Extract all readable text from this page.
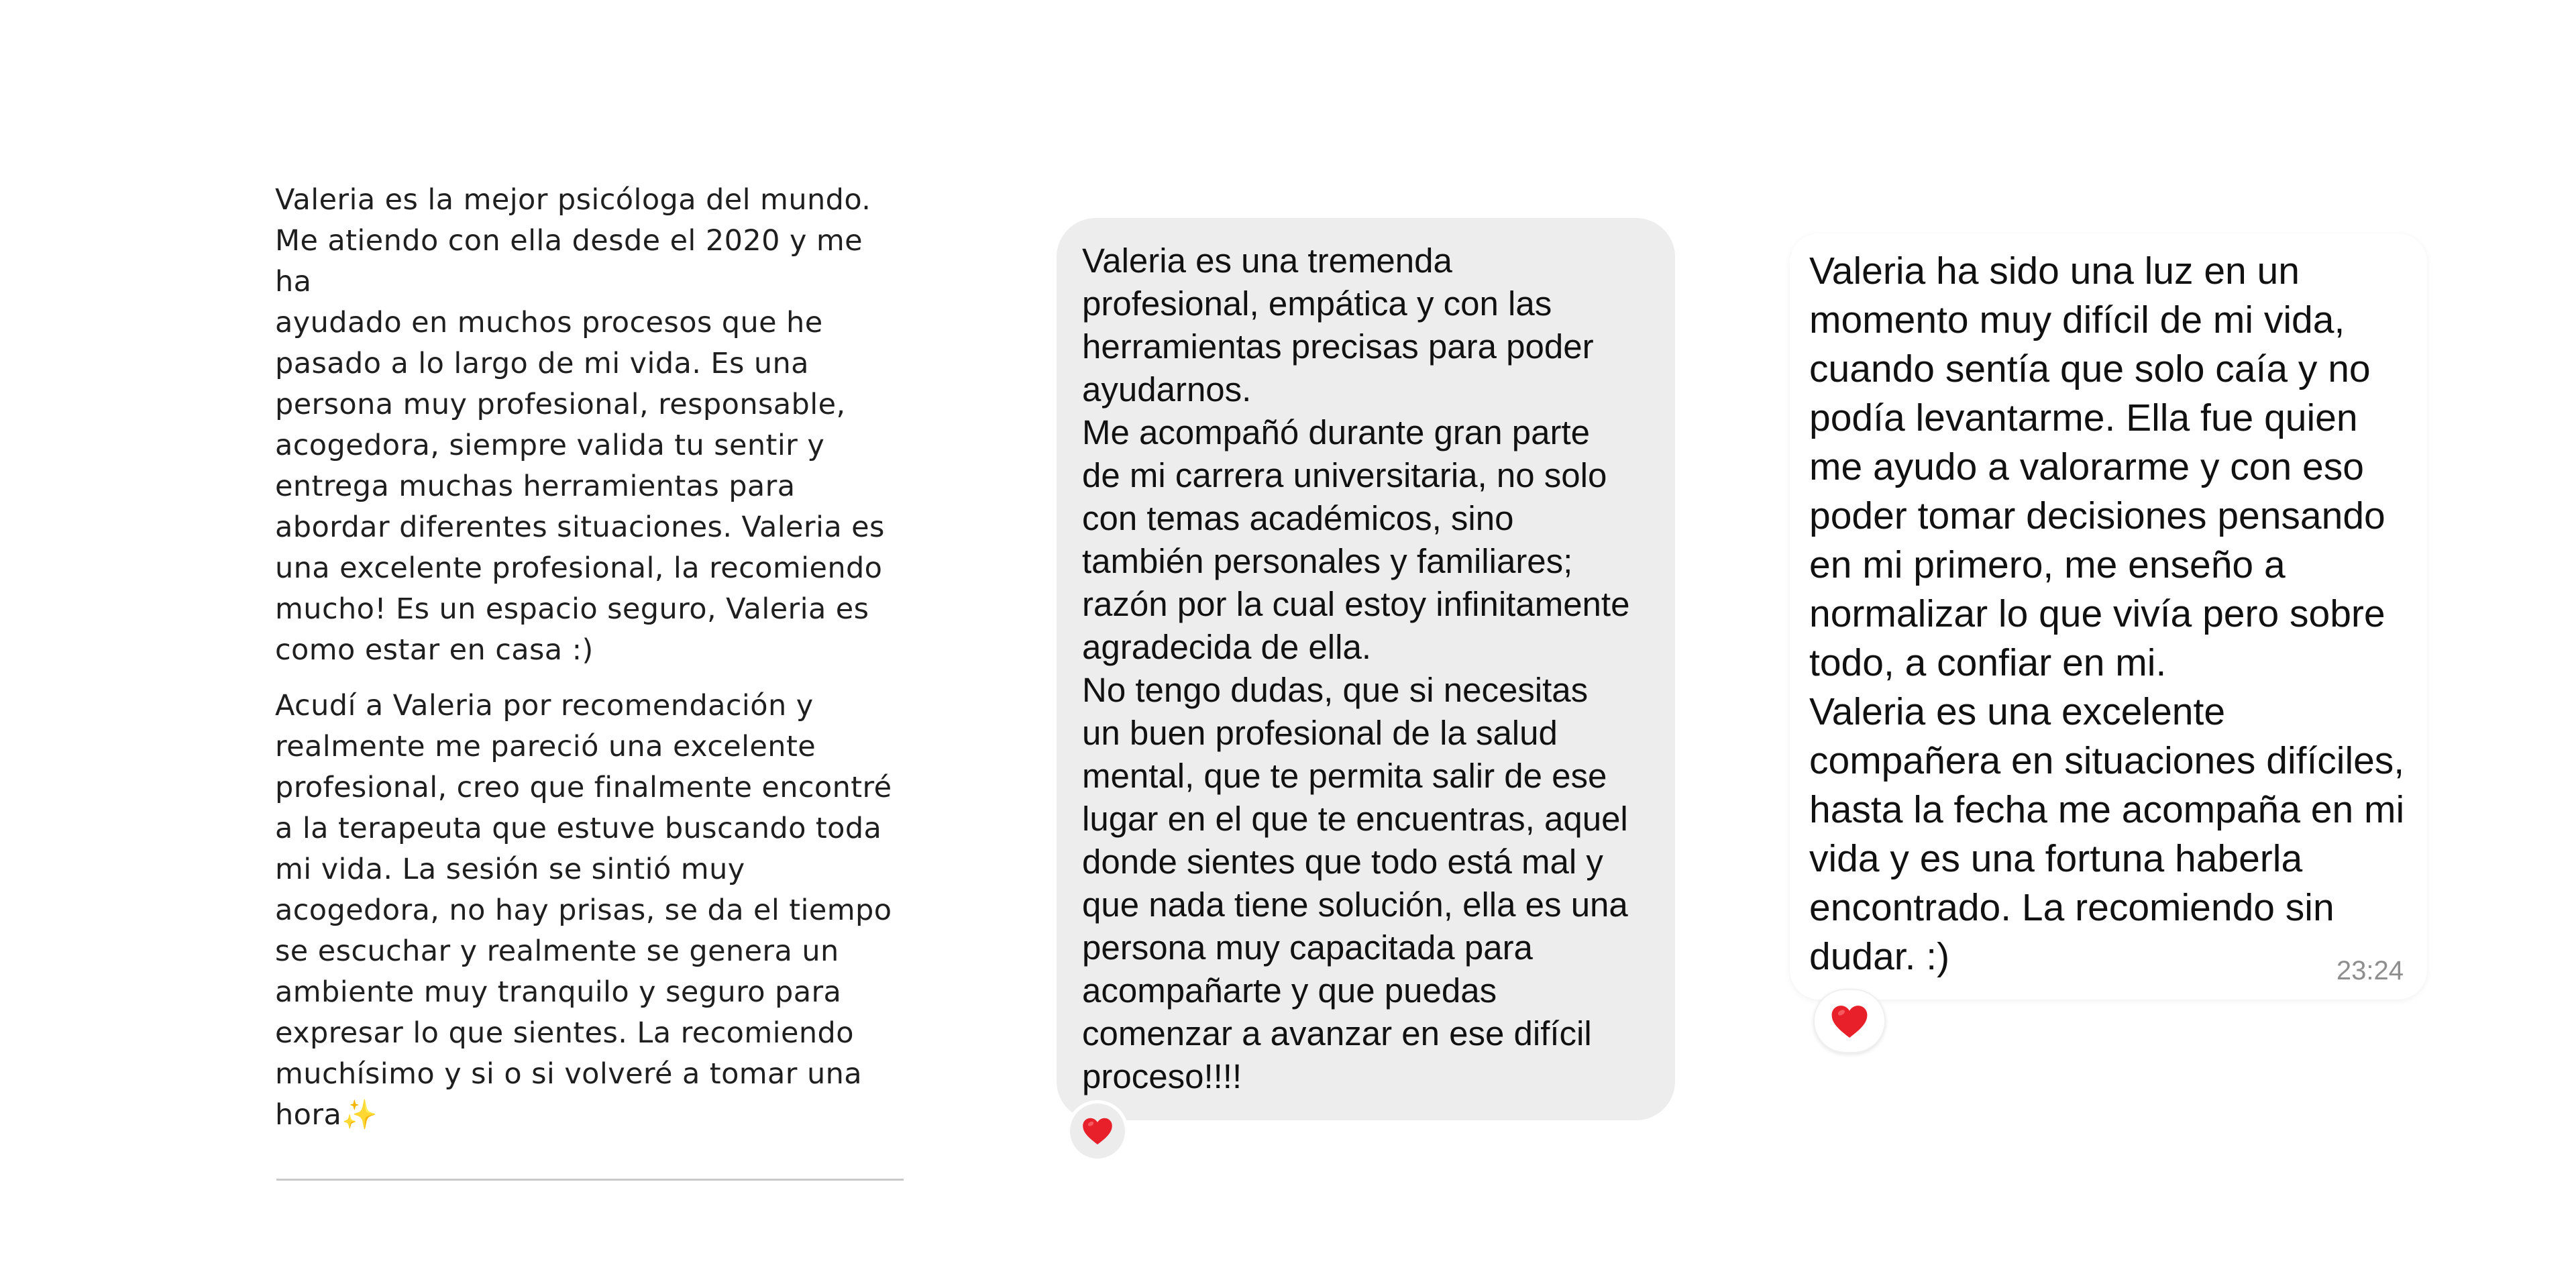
Valeria es la mejor psicóloga del mundo.
Me atiendo con ella desde el 2020 y me ha
ayudado en muchos procesos que he
pasado a lo largo de mi vida. Es una
persona muy profesional, responsable,
acogedora, siempre valida tu sentir y
entrega muchas herramientas para
abordar diferentes situaciones. Valeria es
una excelente profesional, la recomiendo
mucho! Es un espacio seguro, Valeria es
como estar en casa :)

Acudí a Valeria por recomendación y
realmente me pareció una excelente
profesional, creo que finalmente encontré
a la terapeuta que estuve buscando toda
mi vida. La sesión se sintió muy
acogedora, no hay prisas, se da el tiempo
se escuchar y realmente se genera un
ambiente muy tranquilo y seguro para
expresar lo que sientes. La recomiendo
muchísimo y si o si volveré a tomar una
hora✨

Valeria es una tremenda
profesional, empática y con las
herramientas precisas para poder
ayudarnos.
Me acompañó durante gran parte
de mi carrera universitaria, no solo
con temas académicos, sino
también personales y familiares;
razón por la cual estoy infinitamente
agradecida de ella.
No tengo dudas, que si necesitas
un buen profesional de la salud
mental, que te permita salir de ese
lugar en el que te encuentras, aquel
donde sientes que todo está mal y
que nada tiene solución, ella es una
persona muy capacitada para
acompañarte y que puedas
comenzar a avanzar en ese difícil
proceso!!!!

Valeria ha sido una luz en un
momento muy difícil de mi vida,
cuando sentía que solo caía y no
podía levantarme. Ella fue quien
me ayudo a valorarme y con eso
poder tomar decisiones pensando
en mi primero, me enseño a
normalizar lo que vivía pero sobre
todo, a confiar en mi.
Valeria es una excelente
compañera en situaciones difíciles,
hasta la fecha me acompaña en mi
vida y es una fortuna haberla
encontrado. La recomiendo sin
dudar. :)	23:24
